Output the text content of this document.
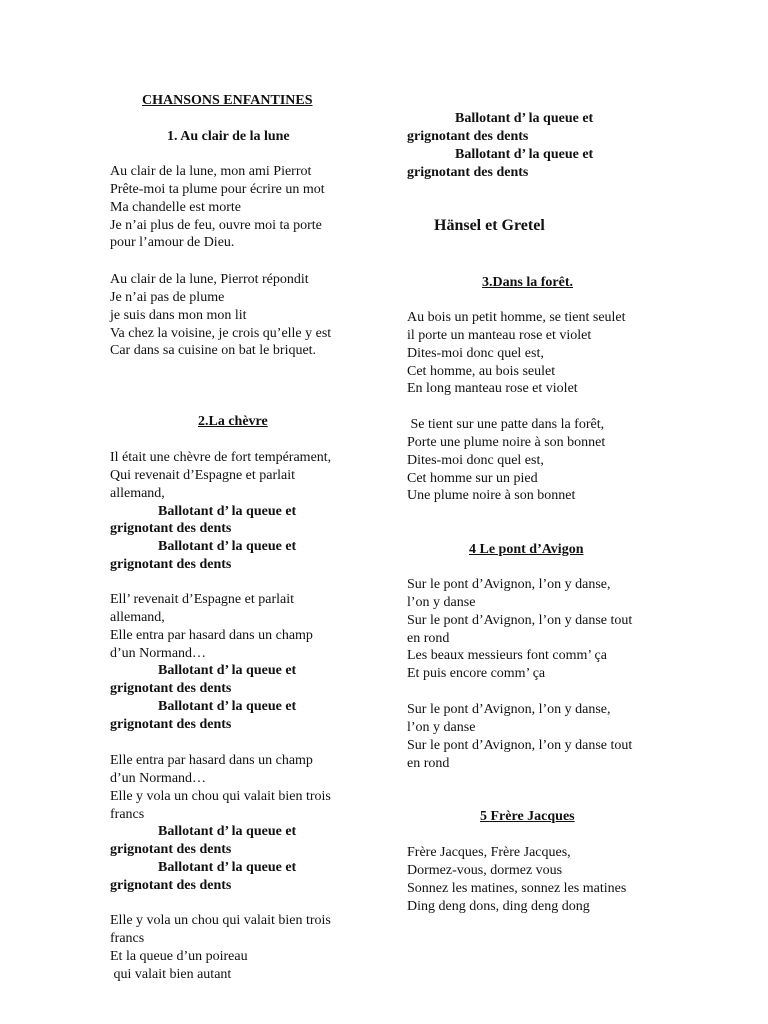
CHANSONS ENFANTINES
1. Au clair de la lune
Au clair de la lune, mon ami Pierrot
Prête-moi ta plume pour écrire un mot
Ma chandelle est morte
Je n’ai plus de feu, ouvre moi ta porte
pour l’amour de Dieu.
Au clair de la lune, Pierrot répondit
Je n’ai pas de plume
je suis dans mon mon lit
Va chez la voisine, je crois qu’elle y est
Car dans sa cuisine on bat le briquet.
2.La chèvre
Il était une chèvre de fort tempérament,
Qui revenait d’Espagne et parlait
allemand,
Ballotant d’ la queue et
grignotant des dents
Ballotant d’ la queue et
grignotant des dents
Ell’ revenait d’Espagne et parlait
allemand,
Elle entra par hasard dans un champ
d’un Normand…
Ballotant d’ la queue et
grignotant des dents
Ballotant d’ la queue et
grignotant des dents
Elle entra par hasard dans un champ
d’un Normand…
Elle y vola un chou qui valait bien trois
francs
Ballotant d’ la queue et
grignotant des dents
Ballotant d’ la queue et
grignotant des dents
Elle y vola un chou qui valait bien trois
francs
Et la queue d’un poireau
qui valait bien autant
Ballotant d’ la queue et
grignotant des dents
Ballotant d’ la queue et
grignotant des dents
Hänsel et Gretel
3.Dans la forêt.
Au bois un petit homme, se tient seulet
il porte un manteau rose et violet
Dites-moi donc quel est,
Cet homme, au bois seulet
En long manteau rose et violet
Se tient sur une patte dans la forêt,
Porte une plume noire à son bonnet
Dites-moi donc quel est,
Cet homme sur un pied
Une plume noire à son bonnet
4 Le pont d’Avigon
Sur le pont d’Avignon, l’on y danse,
l’on y danse
Sur le pont d’Avignon, l’on y danse tout
en rond
Les beaux messieurs font comm’ ça
Et puis encore comm’ ça
Sur le pont d’Avignon, l’on y danse,
l’on y danse
Sur le pont d’Avignon, l’on y danse tout
en rond
5 Frère Jacques
Frère Jacques, Frère Jacques,
Dormez-vous, dormez vous
Sonnez les matines, sonnez les matines
Ding deng dons, ding deng dong
